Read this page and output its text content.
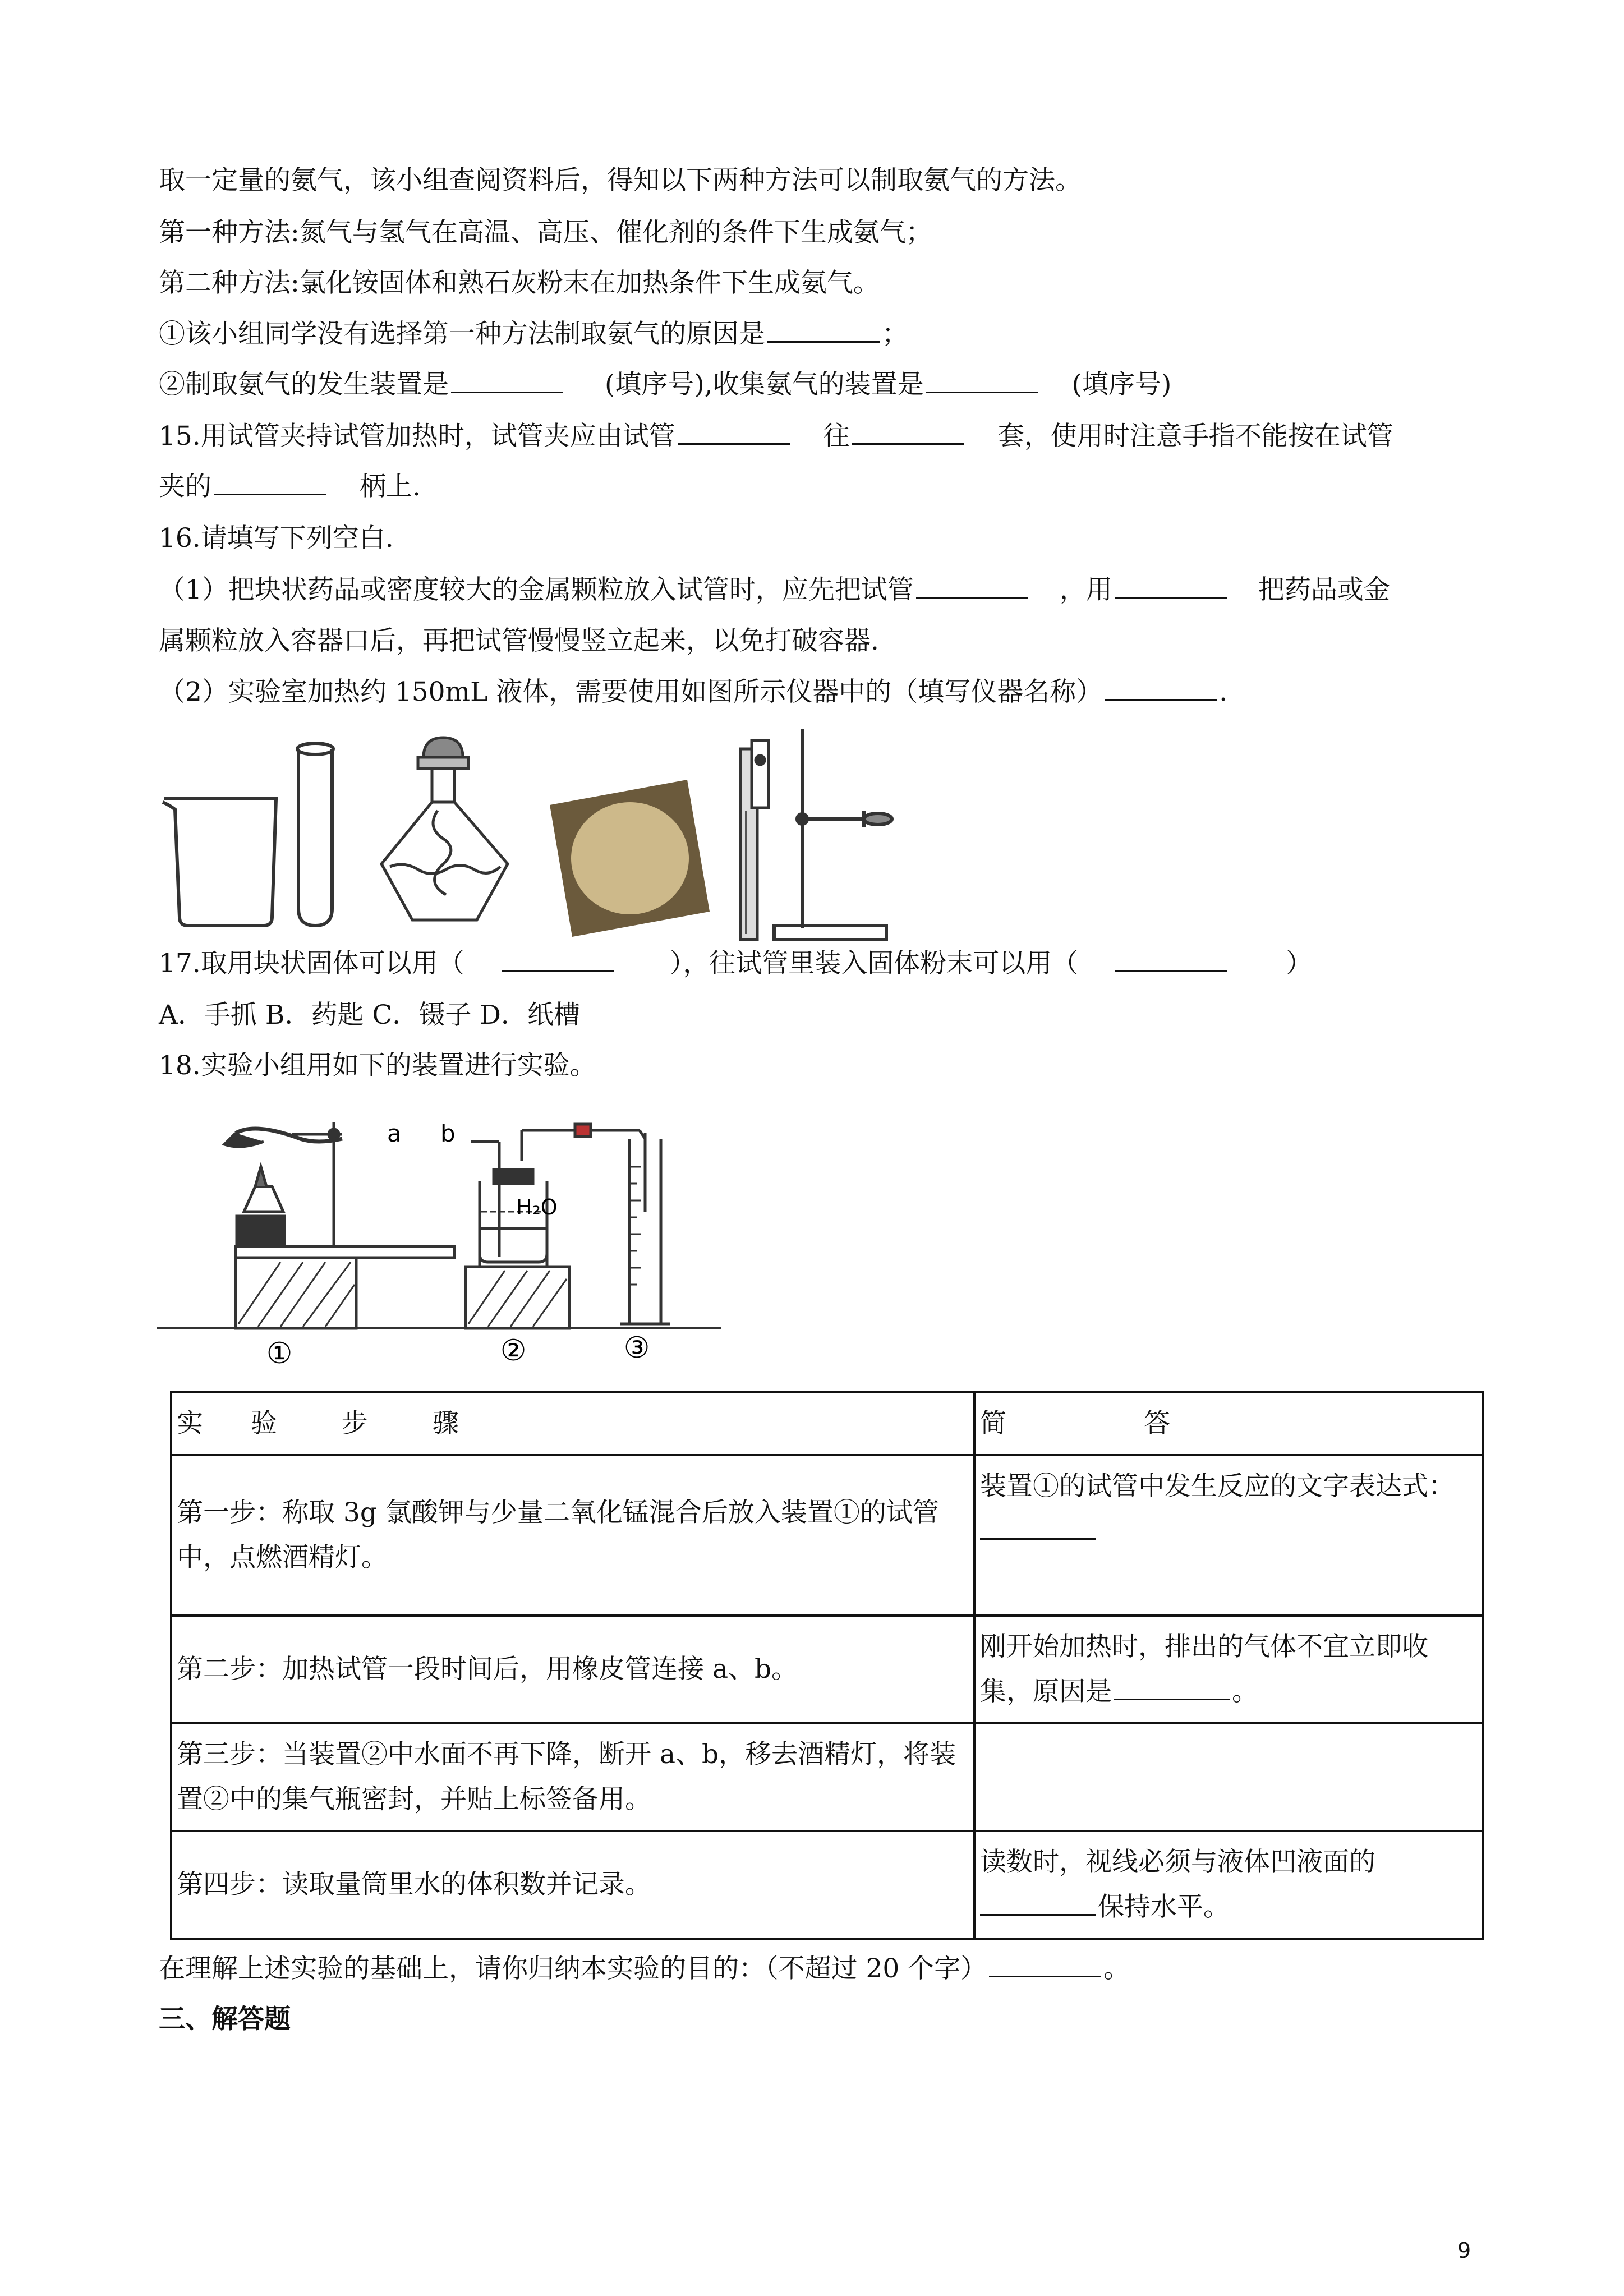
取一定量的氨气，该小组查阅资料后，得知以下两种方法可以制取氨气的方法。
第一种方法:氮气与氢气在高温、高压、催化剂的条件下生成氨气；
第二种方法:氯化铵固体和熟石灰粉末在加热条件下生成氨气。
①该小组同学没有选择第一种方法制取氨气的原因是	；
②制取氨气的发生装置是	(填序号),收集氨气的装置是	(填序号)
15.用试管夹持试管加热时，试管夹应由试管	往	套，使用时注意手指不能按在试管
夹的	柄上.
16.请填写下列空白.
（1）把块状药品或密度较大的金属颗粒放入试管时，应先把试管	，用	把药品或金
属颗粒放入容器口后，再把试管慢慢竖立起来，以免打破容器.
（2）实验室加热约 150mL 液体，需要使用如图所示仪器中的（填写仪器名称）	.
17.取用块状固体可以用（	），往试管里装入固体粉末可以用（	）
A．手抓 B．药匙 C．镊子 D．纸槽
18.实验小组用如下的装置进行实验。
a b
H₂O
①	②	③
实 验 步 骤	简 答
第一步：称取 3g 氯酸钾与少量二氧化锰混合后放入装置①的试管中，点燃酒精灯。	装置①的试管中发生反应的文字表达式：

第二步：加热试管一段时间后，用橡皮管连接 a、b。	刚开始加热时，排出的气体不宜立即收集，原因是 。
第三步：当装置②中水面不再下降，断开 a、b，移去酒精灯，将装置②中的集气瓶密封，并贴上标签备用。	
第四步：读取量筒里水的体积数并记录。	读数时，视线必须与液体凹液面的
保持水平。
在理解上述实验的基础上，请你归纳本实验的目的：（不超过 20 个字）	。
三、解答题
9
